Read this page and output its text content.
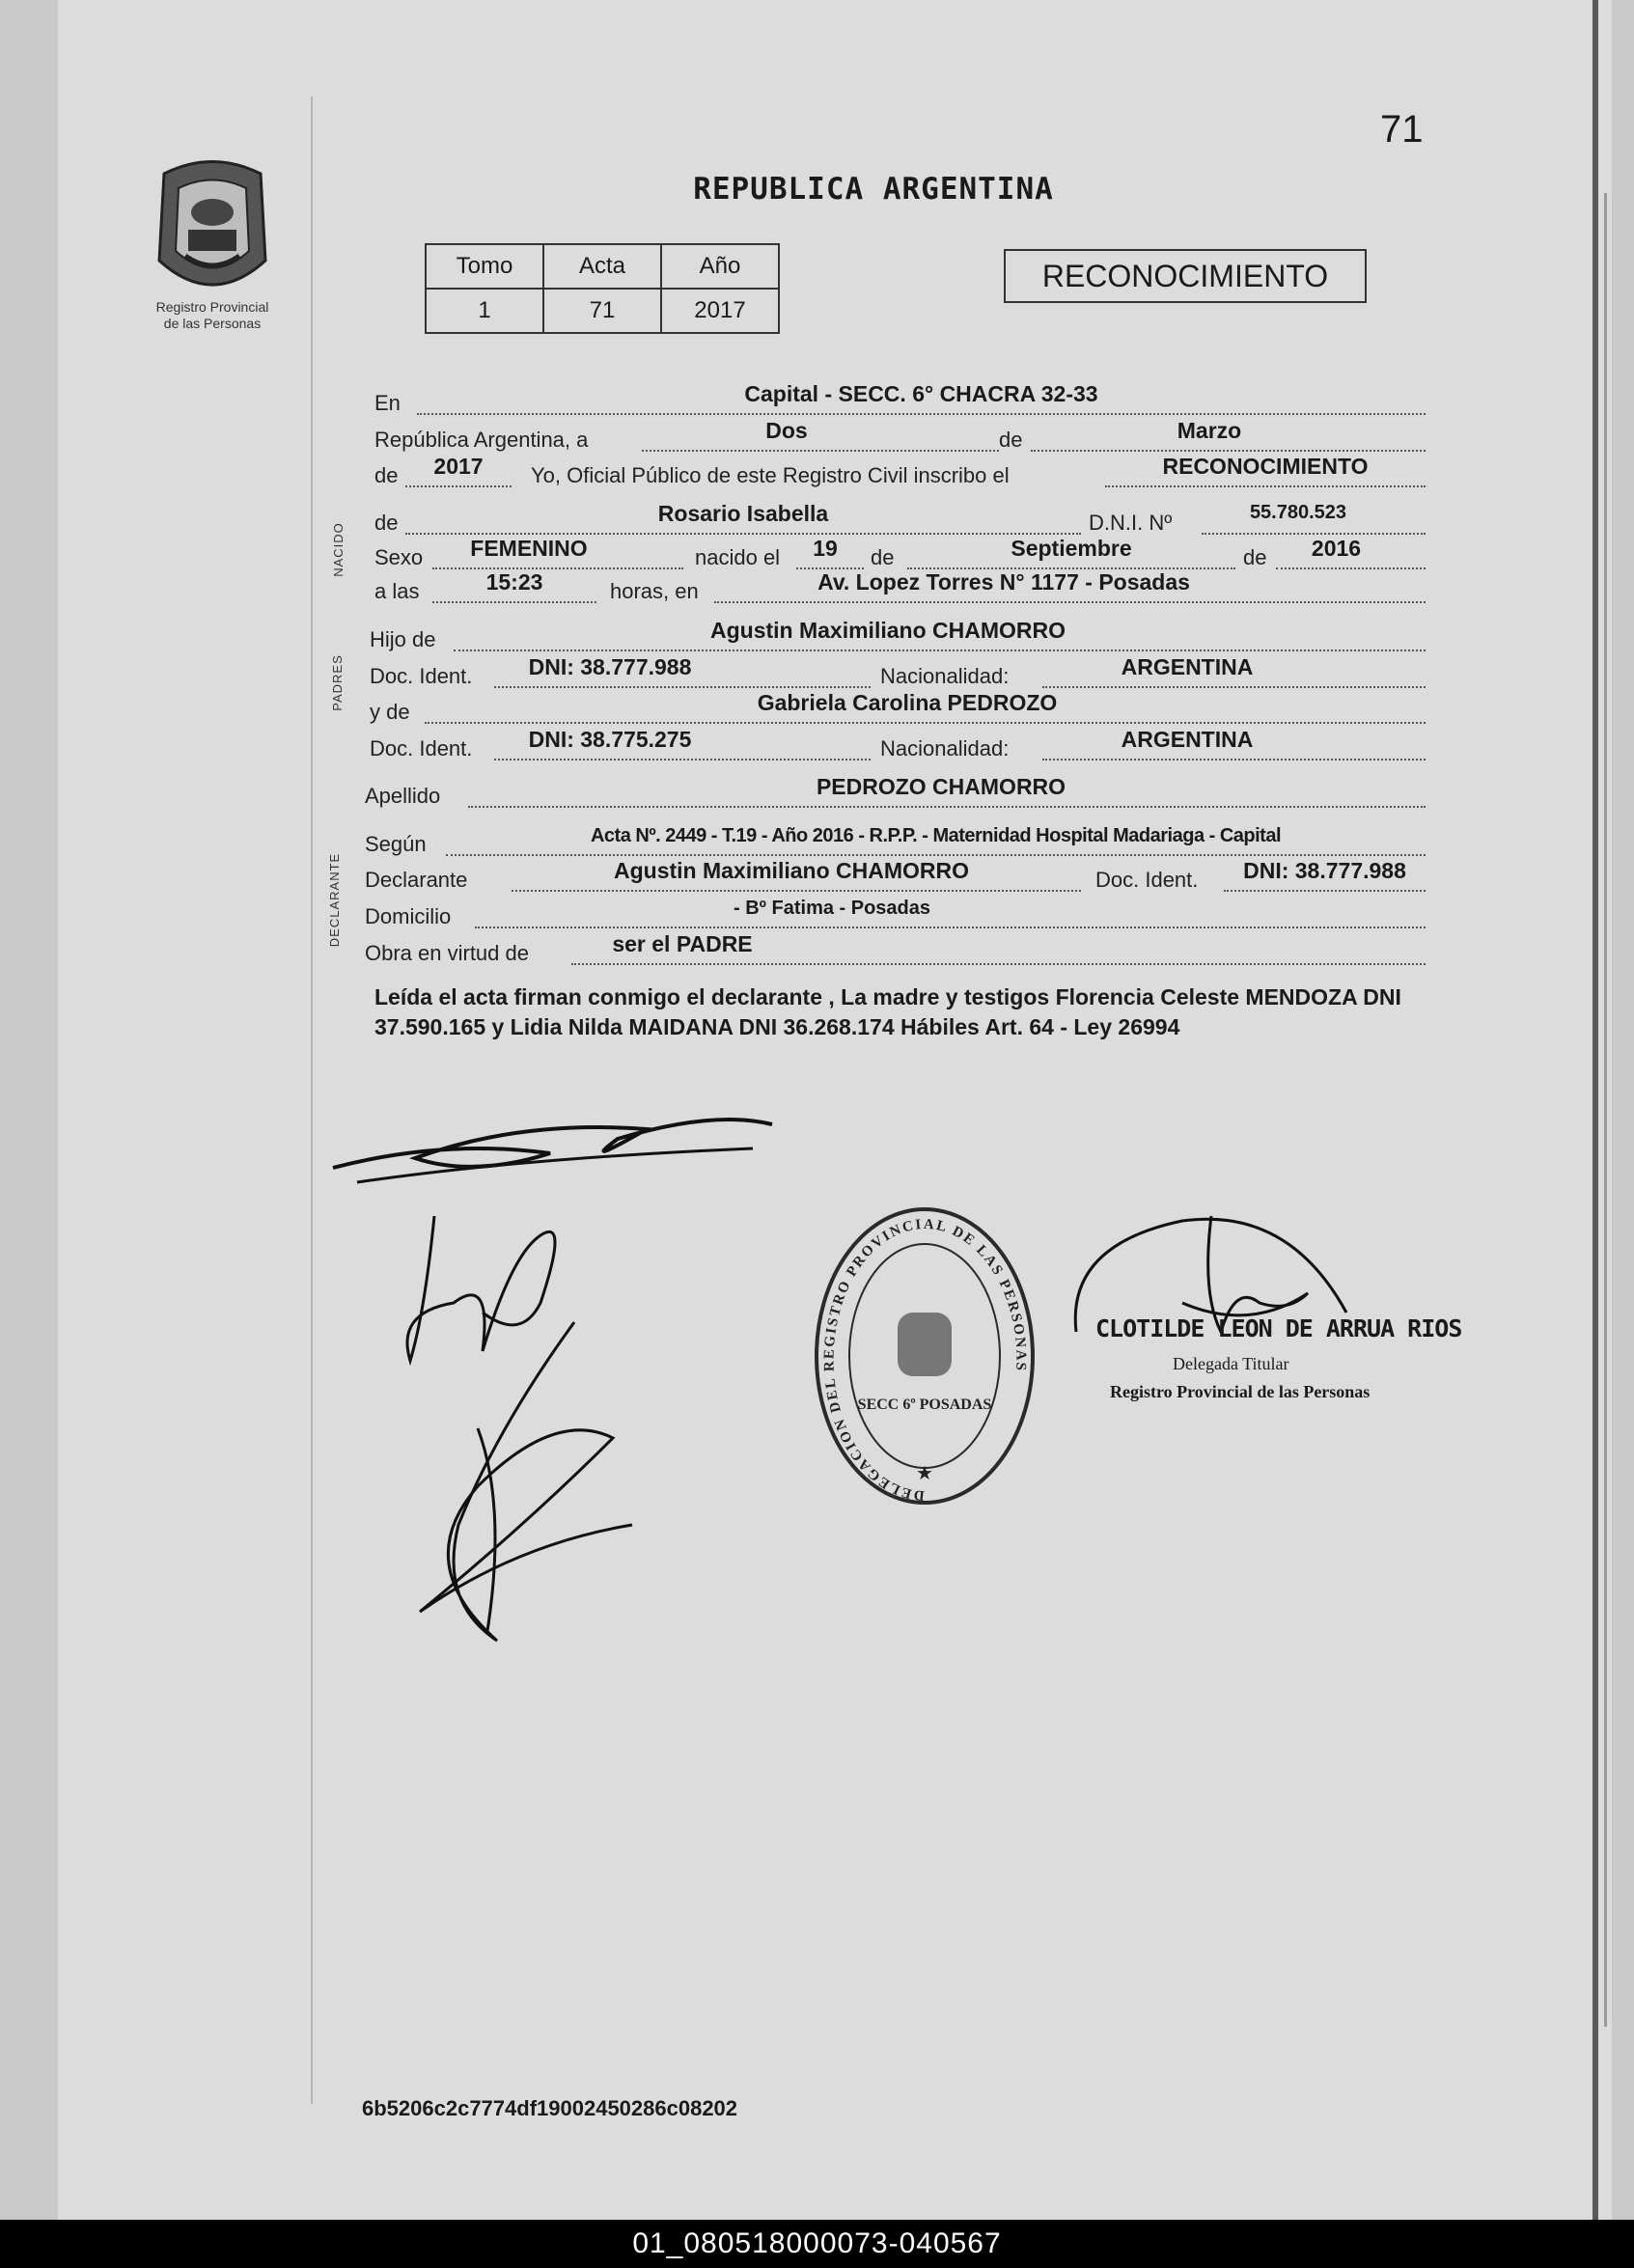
71
REPUBLICA ARGENTINA
Registro Provincial
de las Personas
Tomo	Acta	Año
1	71	2017
RECONOCIMIENTO
NACIDO
PADRES
DECLARANTE
En	Capital - SECC. 6° CHACRA 32-33
República Argentina, a	Dos	de	Marzo
de	2017	Yo, Oficial Público de este Registro Civil inscribo el	RECONOCIMIENTO
de	Rosario Isabella	D.N.I. Nº	55.780.523
Sexo	FEMENINO	nacido el	19	de	Septiembre	de	2016
a las	15:23	horas, en	Av. Lopez Torres N° 1177 - Posadas
Hijo de	Agustin Maximiliano CHAMORRO
Doc. Ident.	DNI: 38.777.988	Nacionalidad:	ARGENTINA
y de	Gabriela Carolina PEDROZO
Doc. Ident.	DNI: 38.775.275	Nacionalidad:	ARGENTINA
Apellido	PEDROZO CHAMORRO
Según	Acta Nº. 2449 - T.19 - Año 2016 - R.P.P. - Maternidad Hospital Madariaga - Capital
Declarante	Agustin Maximiliano CHAMORRO	Doc. Ident.	DNI: 38.777.988
Domicilio	- Bº Fatima - Posadas
Obra en virtud de	ser el PADRE
Leída el acta firman conmigo el declarante , La madre y testigos Florencia Celeste MENDOZA DNI 37.590.165 y Lidia Nilda MAIDANA DNI 36.268.174 Hábiles Art. 64 - Ley 26994
DELEGACION DEL REGISTRO PROVINCIAL DE LAS PERSONAS
SECC 6º POSADAS
★
CLOTILDE LEON DE ARRUA RIOS
Delegada Titular
Registro Provincial de las Personas
6b5206c2c7774df19002450286c08202
01_080518000073-040567
